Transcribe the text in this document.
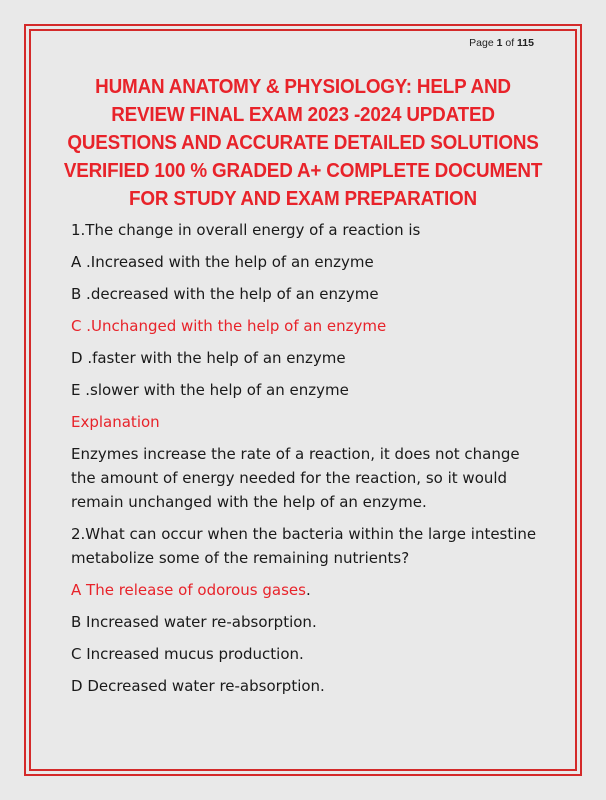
Page 1 of 115
HUMAN ANATOMY & PHYSIOLOGY: HELP AND
REVIEW FINAL EXAM 2023 -2024 UPDATED
QUESTIONS AND ACCURATE DETAILED SOLUTIONS
VERIFIED 100 % GRADED A+ COMPLETE DOCUMENT
FOR STUDY AND EXAM PREPARATION
1.The change in overall energy of a reaction is
A .Increased with the help of an enzyme
B .decreased with the help of an enzyme
C .Unchanged with the help of an enzyme
D .faster with the help of an enzyme
E .slower with the help of an enzyme
Explanation
Enzymes increase the rate of a reaction, it does not change the amount of energy needed for the reaction, so it would remain unchanged with the help of an enzyme.
2.What can occur when the bacteria within the large intestine metabolize some of the remaining nutrients?
A The release of odorous gases.
B Increased water re-absorption.
C Increased mucus production.
D Decreased water re-absorption.
